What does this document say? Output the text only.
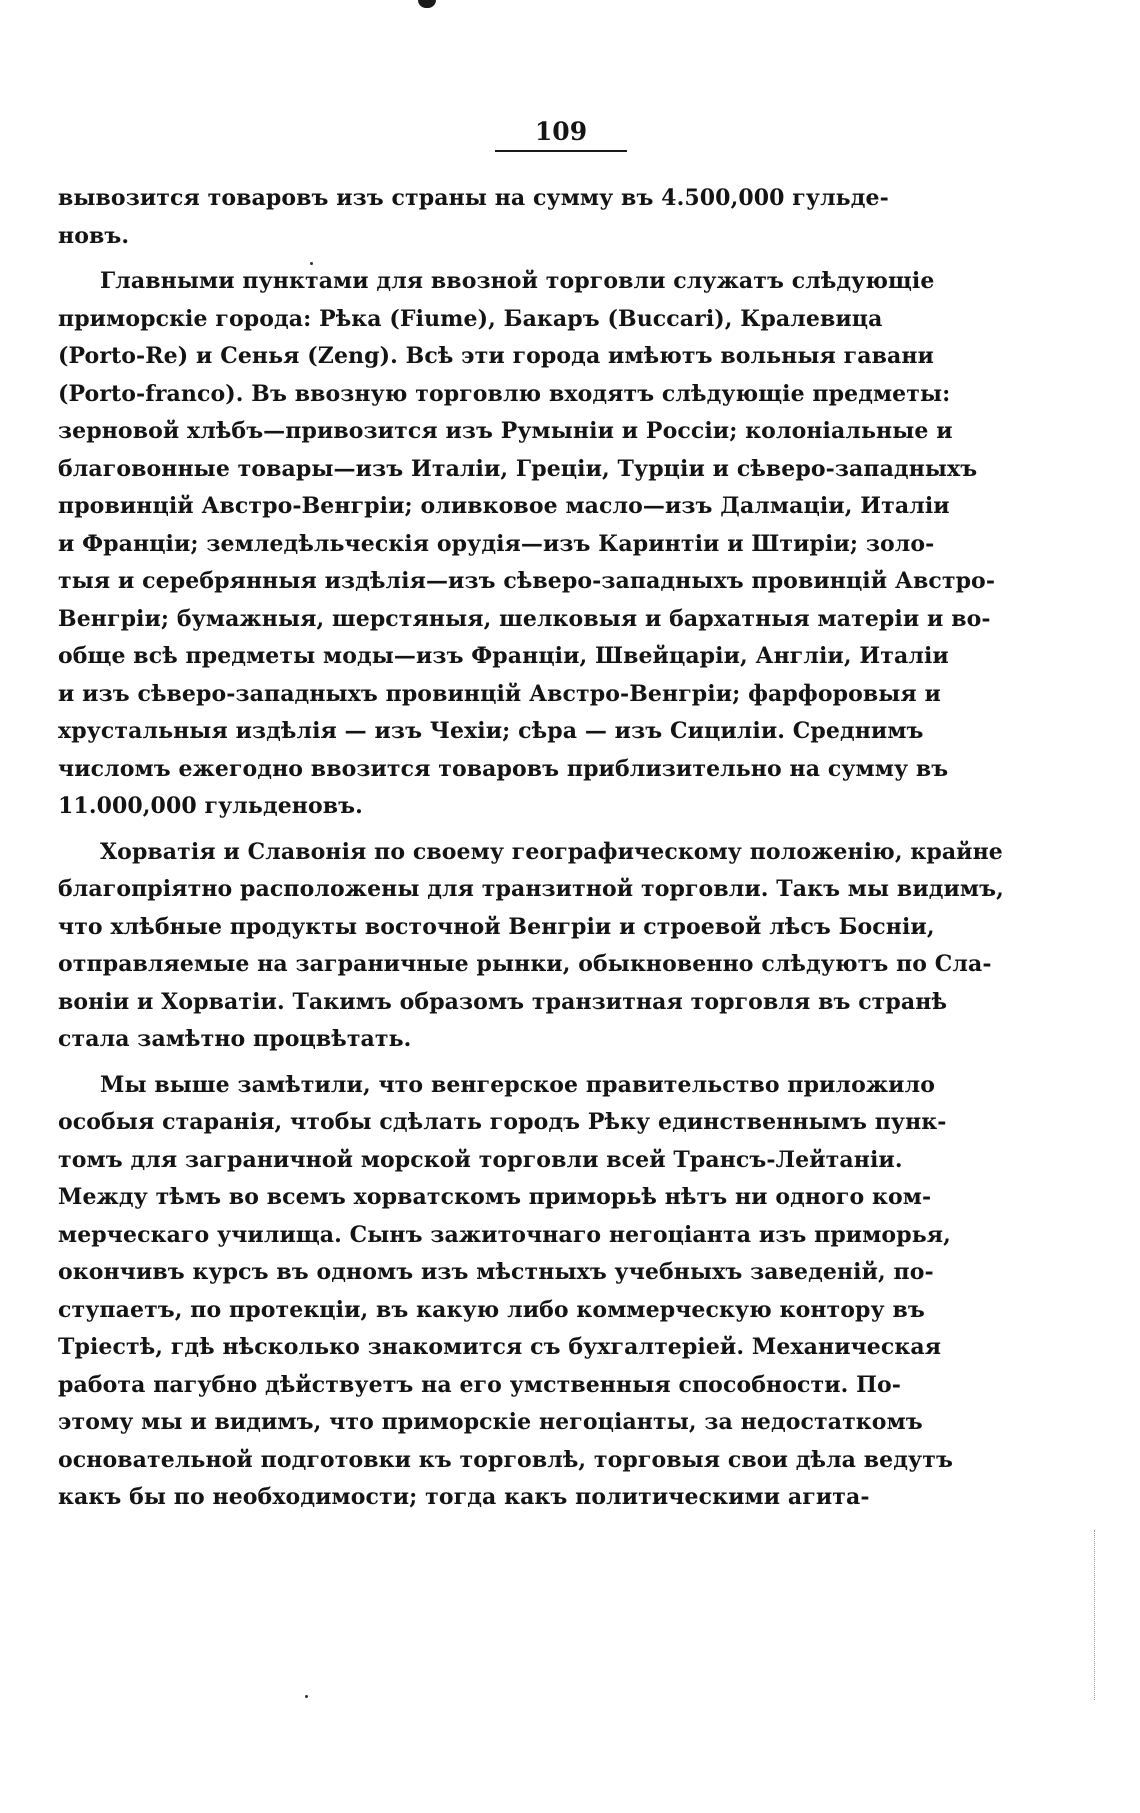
109
вывозится товаровъ изъ страны на сумму въ 4.500,000 гульде-
новъ.
Главными пунктами для ввозной торговли служатъ слѣдующіе
приморскіе города: Рѣка (Fiume), Бакаръ (Buccari), Кралевица
(Porto-Re) и Сенья (Zeng). Всѣ эти города имѣютъ вольныя гавани
(Porto-franco). Въ ввозную торговлю входятъ слѣдующіе предметы:
зерновой хлѣбъ—привозится изъ Румыніи и Россіи; колоніальные и
благовонные товары—изъ Италіи, Греціи, Турціи и сѣверо-западныхъ
провинцій Австро-Венгріи; оливковое масло—изъ Далмаціи, Италіи
и Франціи; земледѣльческія орудія—изъ Каринтіи и Штиріи; золо-
тыя и серебрянныя издѣлія—изъ сѣверо-западныхъ провинцій Австро-
Венгріи; бумажныя, шерстяныя, шелковыя и бархатныя матеріи и во-
обще всѣ предметы моды—изъ Франціи, Швейцаріи, Англіи, Италіи
и изъ сѣверо-западныхъ провинцій Австро-Венгріи; фарфоровыя и
хрустальныя издѣлія — изъ Чехіи; сѣра — изъ Сициліи. Среднимъ
числомъ ежегодно ввозится товаровъ приблизительно на сумму въ
11.000,000 гульденовъ.
Хорватія и Славонія по своему географическому положенію, крайне
благопріятно расположены для транзитной торговли. Такъ мы видимъ,
что хлѣбные продукты восточной Венгріи и строевой лѣсъ Босніи,
отправляемые на заграничные рынки, обыкновенно слѣдуютъ по Сла-
воніи и Хорватіи. Такимъ образомъ транзитная торговля въ странѣ
стала замѣтно процвѣтать.
Мы выше замѣтили, что венгерское правительство приложило
особыя старанія, чтобы сдѣлать городъ Рѣку единственнымъ пунк-
томъ для заграничной морской торговли всей Трансъ-Лейтаніи.
Между тѣмъ во всемъ хорватскомъ приморьѣ нѣтъ ни одного ком-
мерческаго училища. Сынъ зажиточнаго негоціанта изъ приморья,
окончивъ курсъ въ одномъ изъ мѣстныхъ учебныхъ заведеній, по-
ступаетъ, по протекціи, въ какую либо коммерческую контору въ
Тріестѣ, гдѣ нѣсколько знакомится съ бухгалтеріей. Механическая
работа пагубно дѣйствуетъ на его умственныя способности. По-
этому мы и видимъ, что приморскіе негоціанты, за недостаткомъ
основательной подготовки къ торговлѣ, торговыя свои дѣла ведутъ
какъ бы по необходимости; тогда какъ политическими агита-
